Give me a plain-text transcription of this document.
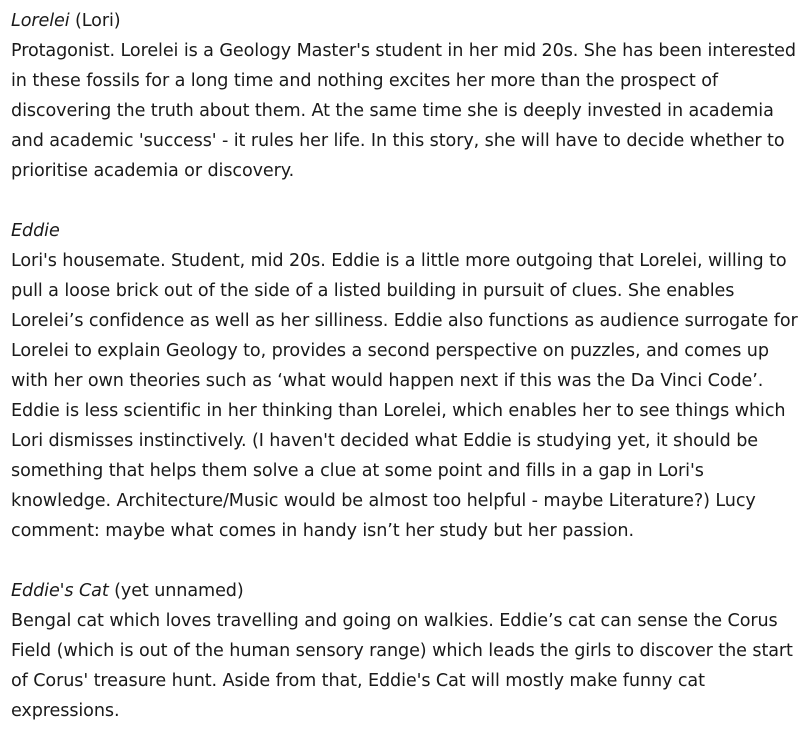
Lorelei (Lori)

Protagonist. Lorelei is a Geology Master's student in her mid 20s. She has been interested in these fossils for a long time and nothing excites her more than the prospect of discovering the truth about them. At the same time she is deeply invested in academia and academic 'success' - it rules her life. In this story, she will have to decide whether to prioritise academia or discovery.

Eddie

Lori's housemate. Student, mid 20s. Eddie is a little more outgoing that Lorelei, willing to pull a loose brick out of the side of a listed building in pursuit of clues. She enables Lorelei’s confidence as well as her silliness. Eddie also functions as audience surrogate for Lorelei to explain Geology to, provides a second perspective on puzzles, and comes up with her own theories such as ‘what would happen next if this was the Da Vinci Code’. Eddie is less scientific in her thinking than Lorelei, which enables her to see things which Lori dismisses instinctively. (I haven't decided what Eddie is studying yet, it should be something that helps them solve a clue at some point and fills in a gap in Lori's knowledge. Architecture/Music would be almost too helpful - maybe Literature?) Lucy comment: maybe what comes in handy isn’t her study but her passion.

Eddie's Cat (yet unnamed)

Bengal cat which loves travelling and going on walkies. Eddie’s cat can sense the Corus Field (which is out of the human sensory range) which leads the girls to discover the start of Corus' treasure hunt. Aside from that, Eddie's Cat will mostly make funny cat expressions.
